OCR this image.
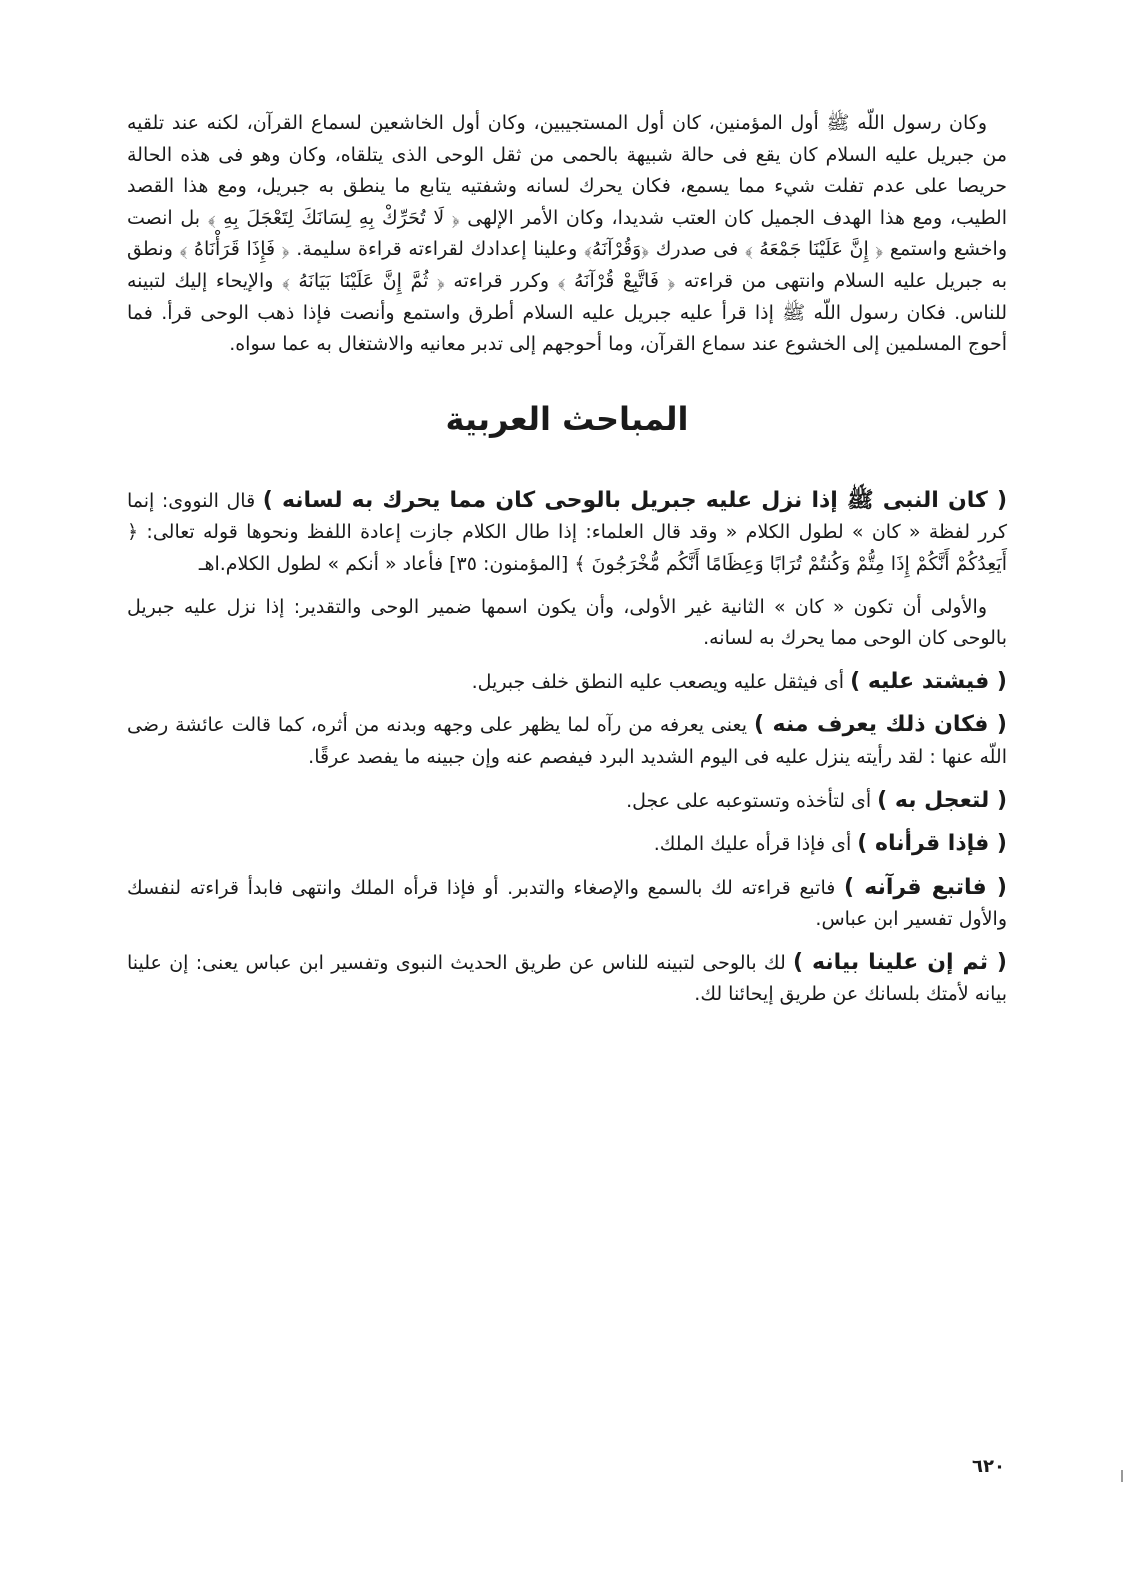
وكان رسول اللّه ﷺ أول المؤمنين، كان أول المستجيبين، وكان أول الخاشعين لسماع القرآن، لكنه عند تلقيه من جبريل عليه السلام كان يقع فى حالة شبيهة بالحمى من ثقل الوحى الذى يتلقاه، وكان وهو فى هذه الحالة حريصا على عدم تفلت شيء مما يسمع، فكان يحرك لسانه وشفتيه يتابع ما ينطق به جبريل، ومع هذا القصد الطيب، ومع هذا الهدف الجميل كان العتب شديدا، وكان الأمر الإلهى ﴿ لَا تُحَرِّكْ بِهِ لِسَانَكَ لِتَعْجَلَ بِهِ ﴾ بل انصت واخشع واستمع ﴿ إِنَّ عَلَيْنَا جَمْعَهُ ﴾ فى صدرك ﴿وَقُرْآنَهُ﴾ وعلينا إعدادك لقراءته قراءة سليمة. ﴿ فَإِذَا قَرَأْنَاهُ ﴾ ونطق به جبريل عليه السلام وانتهى من قراءته ﴿ فَاتَّبِعْ قُرْآنَهُ ﴾ وكرر قراءته ﴿ ثُمَّ إِنَّ عَلَيْنَا بَيَانَهُ ﴾ والإيحاء إليك لتبينه للناس. فكان رسول اللّه ﷺ إذا قرأ عليه جبريل عليه السلام أطرق واستمع وأنصت فإذا ذهب الوحى قرأ. فما أحوج المسلمين إلى الخشوع عند سماع القرآن، وما أحوجهم إلى تدبر معانيه والاشتغال به عما سواه.

المباحث العربية

( كان النبى ﷺ إذا نزل عليه جبريل بالوحى كان مما يحرك به لسانه ) قال النووى: إنما كرر لفظة « كان » لطول الكلام « وقد قال العلماء: إذا طال الكلام جازت إعادة اللفظ ونحوها قوله تعالى: ﴿ أَيَعِدُكُمْ أَنَّكُمْ إِذَا مِتُّمْ وَكُنتُمْ تُرَابًا وَعِظَامًا أَنَّكُم مُّخْرَجُونَ ﴾ [المؤمنون: ٣٥] فأعاد « أنكم » لطول الكلام.اهـ

والأولى أن تكون « كان » الثانية غير الأولى، وأن يكون اسمها ضمير الوحى والتقدير: إذا نزل عليه جبريل بالوحى كان الوحى مما يحرك به لسانه.

( فيشتد عليه ) أى فيثقل عليه ويصعب عليه النطق خلف جبريل.

( فكان ذلك يعرف منه ) يعنى يعرفه من رآه لما يظهر على وجهه وبدنه من أثره، كما قالت عائشة رضى اللّه عنها : لقد رأيته ينزل عليه فى اليوم الشديد البرد فيفصم عنه وإن جبينه ما يفصد عرقًا.

( لتعجل به ) أى لتأخذه وتستوعبه على عجل.

( فإذا قرأناه ) أى فإذا قرأه عليك الملك.

( فاتبع قرآنه ) فاتبع قراءته لك بالسمع والإصغاء والتدبر. أو فإذا قرأه الملك وانتهى فابدأ قراءته لنفسك والأول تفسير ابن عباس.

( ثم إن علينا بيانه ) لك بالوحى لتبينه للناس عن طريق الحديث النبوى وتفسير ابن عباس يعنى: إن علينا بيانه لأمتك بلسانك عن طريق إيحائنا لك.

٦٢٠
